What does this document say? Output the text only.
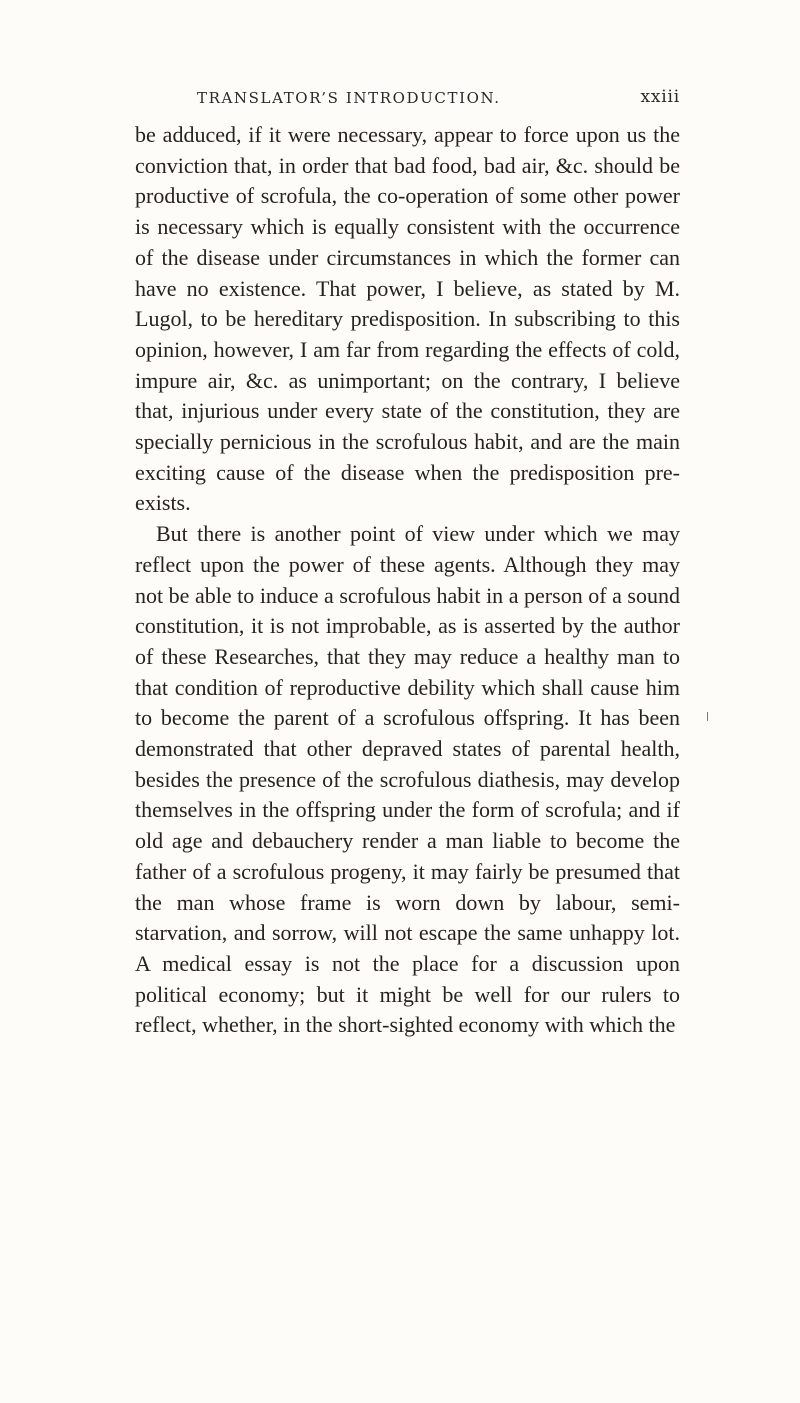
TRANSLATOR’S INTRODUCTION.	xxiii

be adduced, if it were necessary, appear to force upon us the conviction that, in order that bad food, bad air, &c. should be productive of scrofula, the co-operation of some other power is necessary which is equally consistent with the occurrence of the disease under circumstances in which the former can have no existence. That power, I believe, as stated by M. Lugol, to be hereditary predisposition. In subscribing to this opinion, however, I am far from regarding the effects of cold, impure air, &c. as unimportant; on the contrary, I believe that, injurious under every state of the constitution, they are specially pernicious in the scrofulous habit, and are the main exciting cause of the disease when the predisposition pre-exists.

But there is another point of view under which we may reflect upon the power of these agents. Although they may not be able to induce a scrofulous habit in a person of a sound constitution, it is not improbable, as is asserted by the author of these Researches, that they may reduce a healthy man to that condition of reproductive debility which shall cause him to become the parent of a scrofulous offspring. It has been demonstrated that other depraved states of parental health, besides the presence of the scrofulous diathesis, may develop themselves in the offspring under the form of scrofula; and if old age and debauchery render a man liable to become the father of a scrofulous progeny, it may fairly be presumed that the man whose frame is worn down by labour, semi-starvation, and sorrow, will not escape the same unhappy lot. A medical essay is not the place for a discussion upon political economy; but it might be well for our rulers to reflect, whether, in the short-sighted economy with which the
